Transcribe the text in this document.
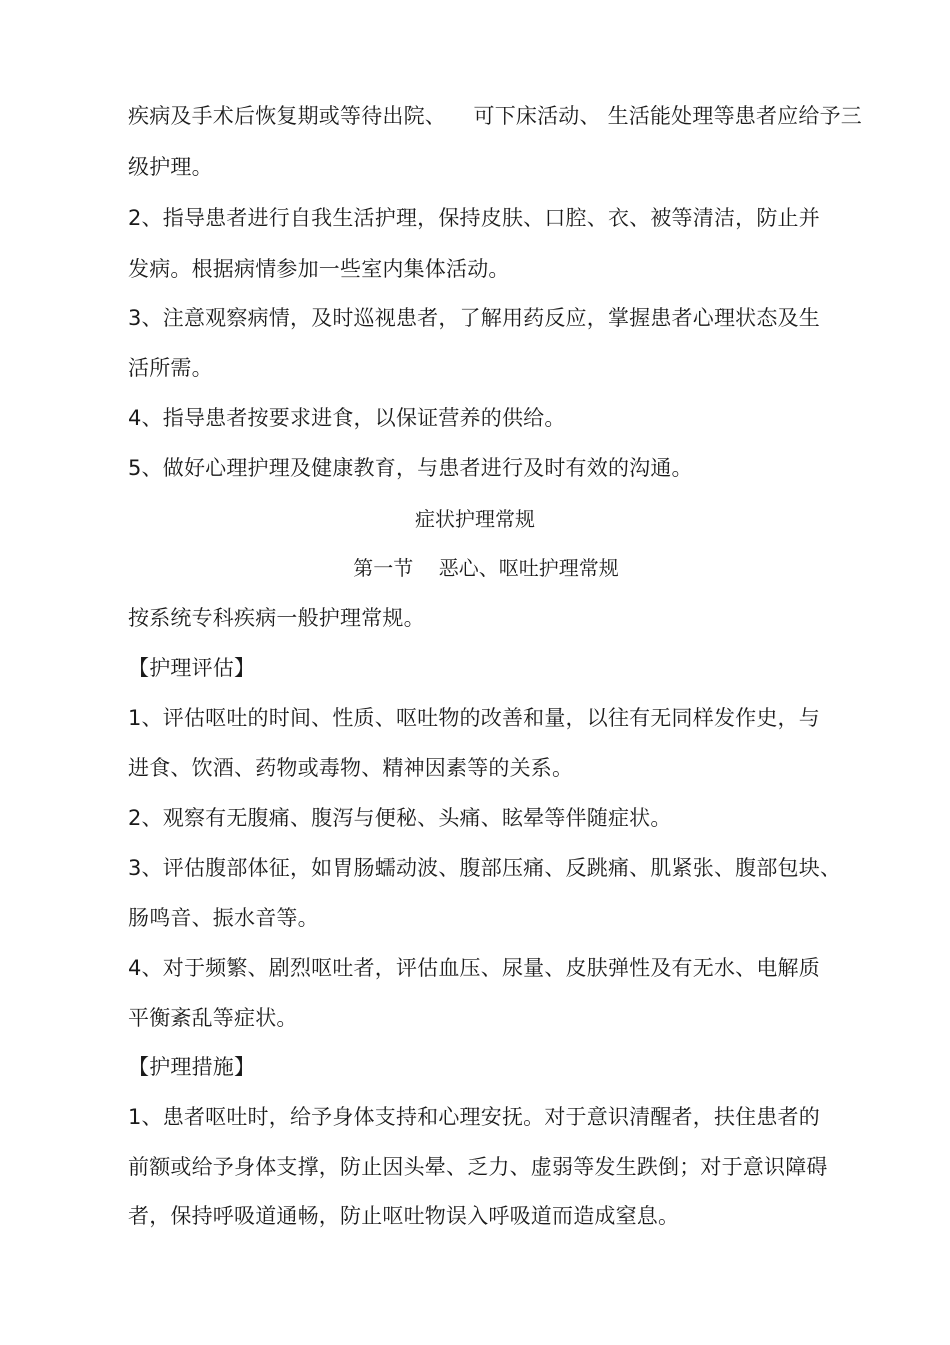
疾病及手术后恢复期或等待出院、    可下床活动、 生活能处理等患者应给予三
级护理。
2、指导患者进行自我生活护理，保持皮肤、口腔、衣、被等清洁，防止并
发病。根据病情参加一些室内集体活动。
3、注意观察病情，及时巡视患者，了解用药反应，掌握患者心理状态及生
活所需。
4、指导患者按要求进食，以保证营养的供给。
5、做好心理护理及健康教育，与患者进行及时有效的沟通。
症状护理常规
第一节    恶心、呕吐护理常规
按系统专科疾病一般护理常规。
【护理评估】
1、评估呕吐的时间、性质、呕吐物的改善和量，以往有无同样发作史，与
进食、饮酒、药物或毒物、精神因素等的关系。
2、观察有无腹痛、腹泻与便秘、头痛、眩晕等伴随症状。
3、评估腹部体征，如胃肠蠕动波、腹部压痛、反跳痛、肌紧张、腹部包块、
肠鸣音、振水音等。
4、对于频繁、剧烈呕吐者，评估血压、尿量、皮肤弹性及有无水、电解质
平衡紊乱等症状。
【护理措施】
1、患者呕吐时，给予身体支持和心理安抚。对于意识清醒者，扶住患者的
前额或给予身体支撑，防止因头晕、乏力、虚弱等发生跌倒；对于意识障碍
者，保持呼吸道通畅，防止呕吐物误入呼吸道而造成窒息。
